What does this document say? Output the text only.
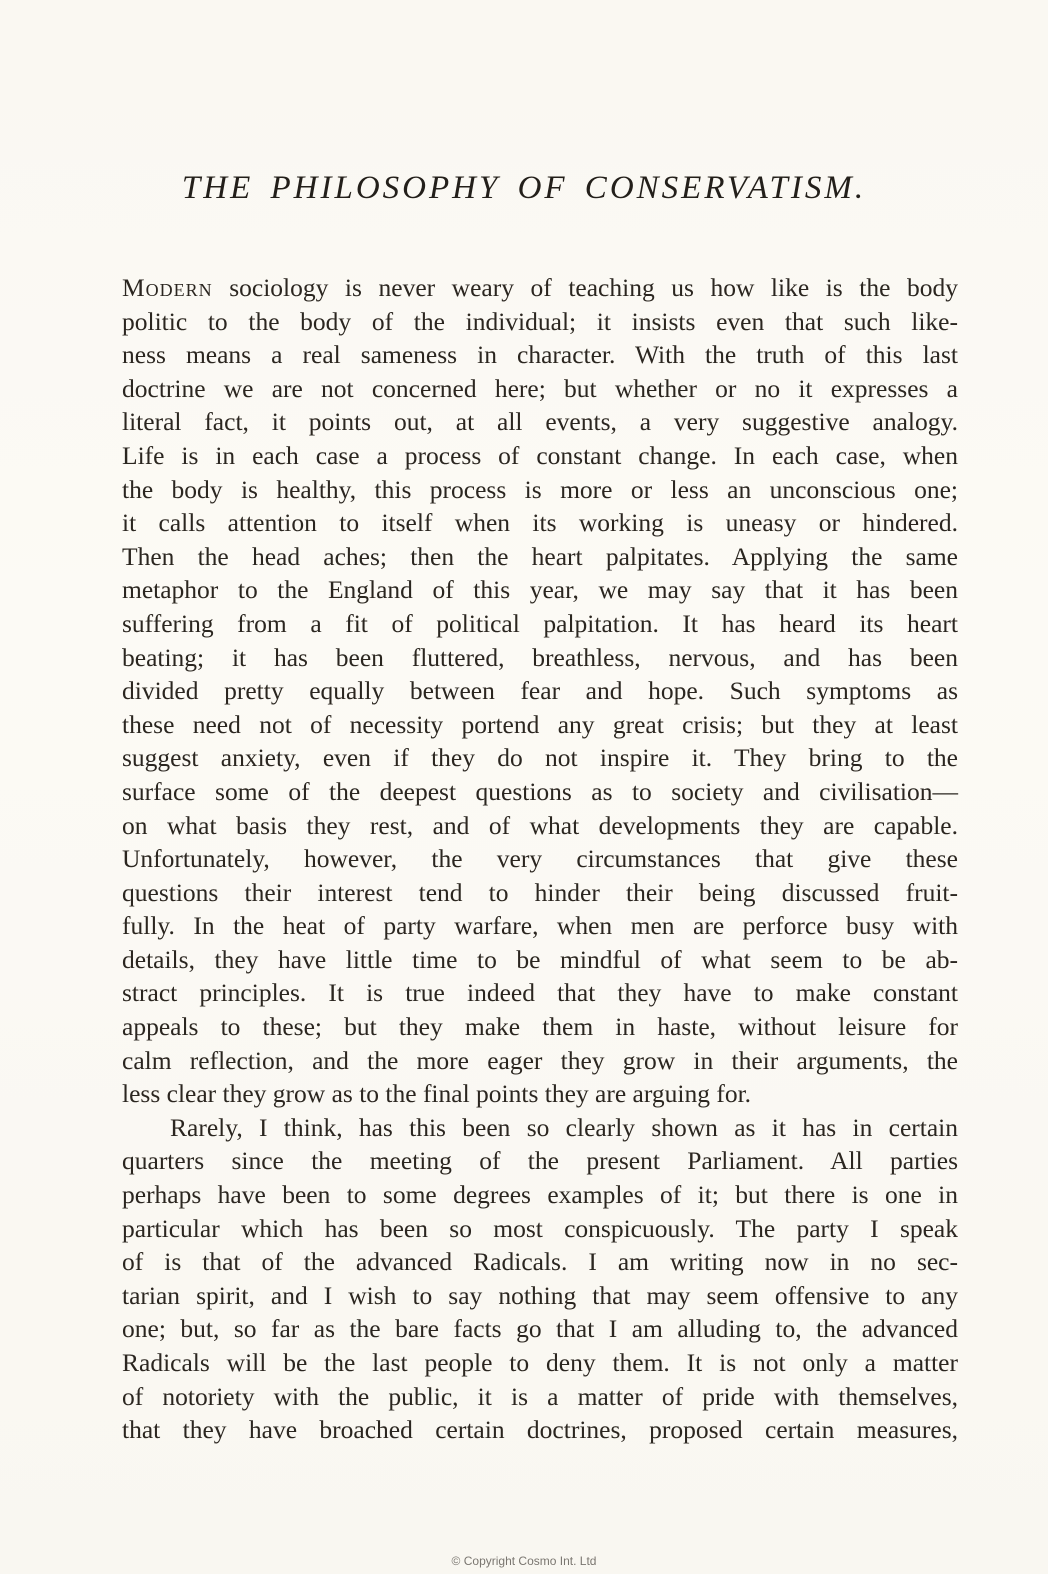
THE PHILOSOPHY OF CONSERVATISM.
Modern sociology is never weary of teaching us how like is the body
politic to the body of the individual; it insists even that such like-
ness means a real sameness in character. With the truth of this last
doctrine we are not concerned here; but whether or no it expresses a
literal fact, it points out, at all events, a very suggestive analogy.
Life is in each case a process of constant change. In each case, when
the body is healthy, this process is more or less an unconscious one;
it calls attention to itself when its working is uneasy or hindered.
Then the head aches; then the heart palpitates. Applying the same
metaphor to the England of this year, we may say that it has been
suffering from a fit of political palpitation. It has heard its heart
beating; it has been fluttered, breathless, nervous, and has been
divided pretty equally between fear and hope. Such symptoms as
these need not of necessity portend any great crisis; but they at least
suggest anxiety, even if they do not inspire it. They bring to the
surface some of the deepest questions as to society and civilisation—
on what basis they rest, and of what developments they are capable.
Unfortunately, however, the very circumstances that give these
questions their interest tend to hinder their being discussed fruit-
fully. In the heat of party warfare, when men are perforce busy with
details, they have little time to be mindful of what seem to be ab-
stract principles. It is true indeed that they have to make constant
appeals to these; but they make them in haste, without leisure for
calm reflection, and the more eager they grow in their arguments, the
less clear they grow as to the final points they are arguing for.
Rarely, I think, has this been so clearly shown as it has in certain
quarters since the meeting of the present Parliament. All parties
perhaps have been to some degrees examples of it; but there is one in
particular which has been so most conspicuously. The party I speak
of is that of the advanced Radicals. I am writing now in no sec-
tarian spirit, and I wish to say nothing that may seem offensive to any
one; but, so far as the bare facts go that I am alluding to, the advanced
Radicals will be the last people to deny them. It is not only a matter
of notoriety with the public, it is a matter of pride with themselves,
that they have broached certain doctrines, proposed certain measures,
© Copyright Cosmo Int. Ltd
